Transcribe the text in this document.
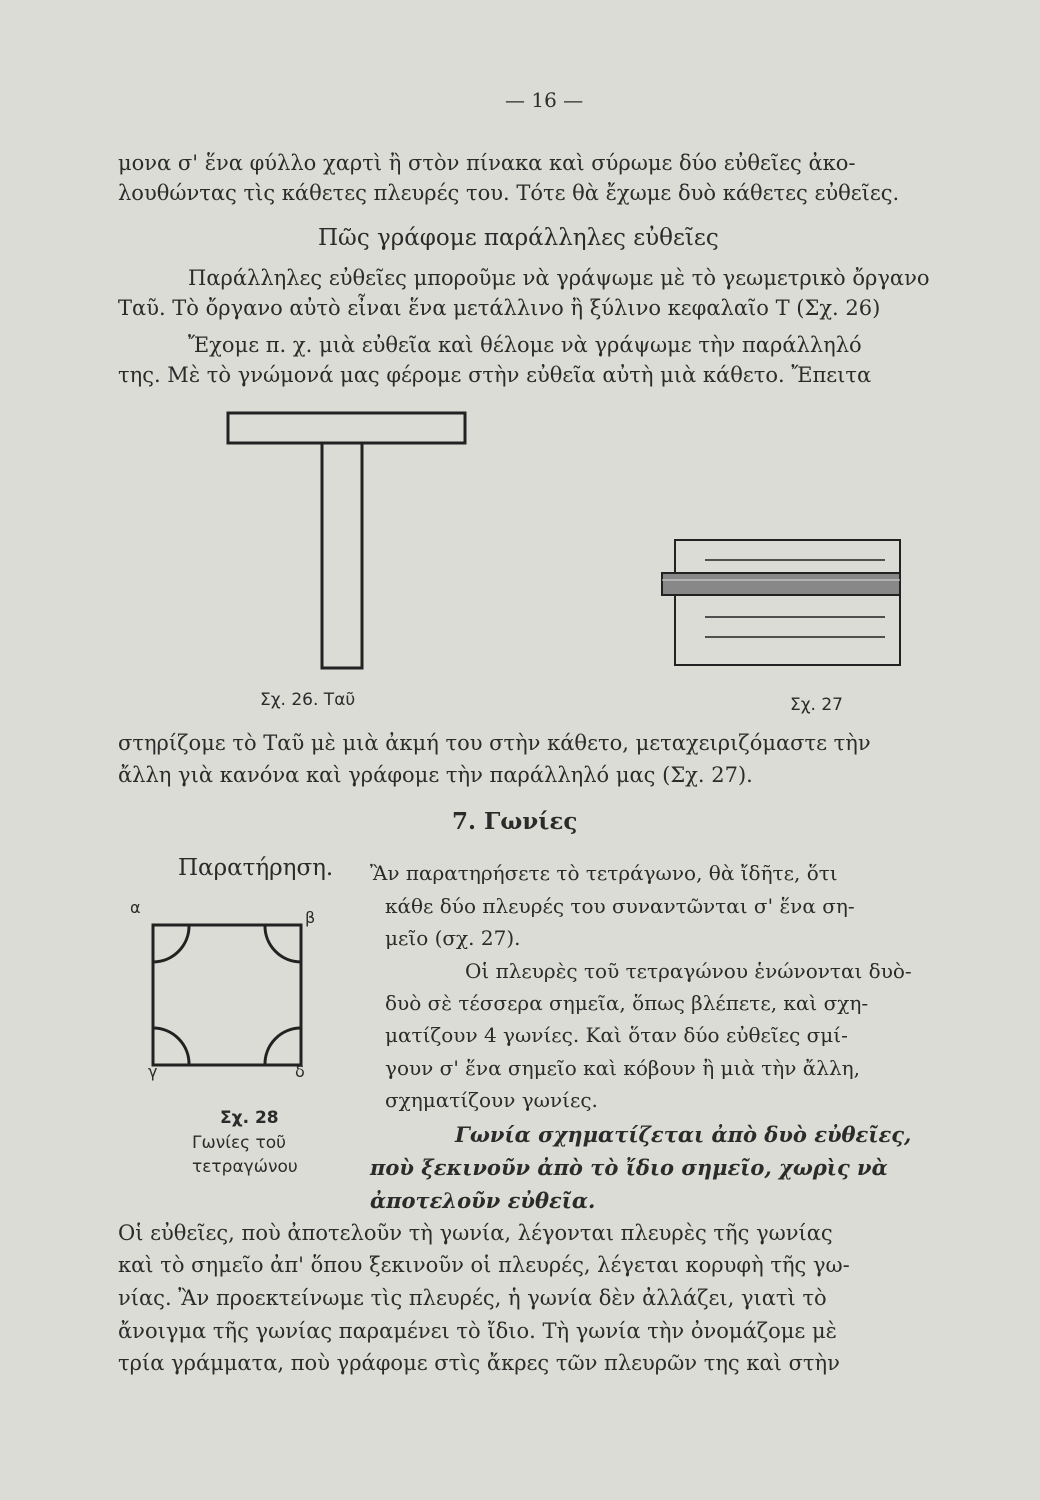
— 16 —
μονα σ' ἕνα φύλλο χαρτὶ ἢ στὸν πίνακα καὶ σύρωμε δύο εὐθεῖες ἀκο-
λουθώντας τὶς κάθετες πλευρές του. Τότε θὰ ἔχωμε δυὸ κάθετες εὐθεῖες.
Πῶς γράφομε παράλληλες εὐθεῖες
Παράλληλες εὐθεῖες μποροῦμε νὰ γράψωμε μὲ τὸ γεωμετρικὸ ὄργανο
Ταῦ. Τὸ ὄργανο αὐτὸ εἶναι ἕνα μετάλλινο ἢ ξύλινο κεφαλαῖο Τ (Σχ. 26)
Ἔχομε π. χ. μιὰ εὐθεῖα καὶ θέλομε νὰ γράψωμε τὴν παράλληλό
της. Μὲ τὸ γνώμονά μας φέρομε στὴν εὐθεῖα αὐτὴ μιὰ κάθετο. Ἔπειτα
Σχ. 26. Ταῦ	Σχ. 27
στηρίζομε τὸ Ταῦ μὲ μιὰ ἀκμή του στὴν κάθετο, μεταχειριζόμαστε τὴν
ἄλλη γιὰ κανόνα καὶ γράφομε τὴν παράλληλό μας (Σχ. 27).
7. Γωνίες
Παρατήρηση. Ἂν παρατηρήσετε τὸ τετράγωνο, θὰ ἴδῆτε, ὅτι
κάθε δύο πλευρές του συναντῶνται σ' ἕνα ση-
μεῖο (σχ. 27).
Οἱ πλευρὲς τοῦ τετραγώνου ἑνώνονται δυὸ-
δυὸ σὲ τέσσερα σημεῖα, ὅπως βλέπετε, καὶ σχη-
ματίζουν 4 γωνίες. Καὶ ὅταν δύο εὐθεῖες σμί-
γουν σ' ἕνα σημεῖο καὶ κόβουν ἢ μιὰ τὴν ἄλλη,
σχηματίζουν γωνίες.
Γωνία σχηματίζεται ἀπὸ δυὸ εὐθεῖες,
ποὺ ξεκινοῦν ἀπὸ τὸ ἴδιο σημεῖο, χωρὶς νὰ
ἀποτελοῦν εὐθεῖα.
α
β
γ	δ
Σχ. 28
Γωνίες τοῦ
τετραγώνου
Οἱ εὐθεῖες, ποὺ ἀποτελοῦν τὴ γωνία, λέγονται πλευρὲς τῆς γωνίας
καὶ τὸ σημεῖο ἀπ' ὅπου ξεκινοῦν οἱ πλευρές, λέγεται κορυφὴ τῆς γω-
νίας. Ἂν προεκτείνωμε τὶς πλευρές, ἡ γωνία δὲν ἀλλάζει, γιατὶ τὸ
ἄνοιγμα τῆς γωνίας παραμένει τὸ ἴδιο. Τὴ γωνία τὴν ὀνομάζομε μὲ
τρία γράμματα, ποὺ γράφομε στὶς ἄκρες τῶν πλευρῶν της καὶ στὴν
